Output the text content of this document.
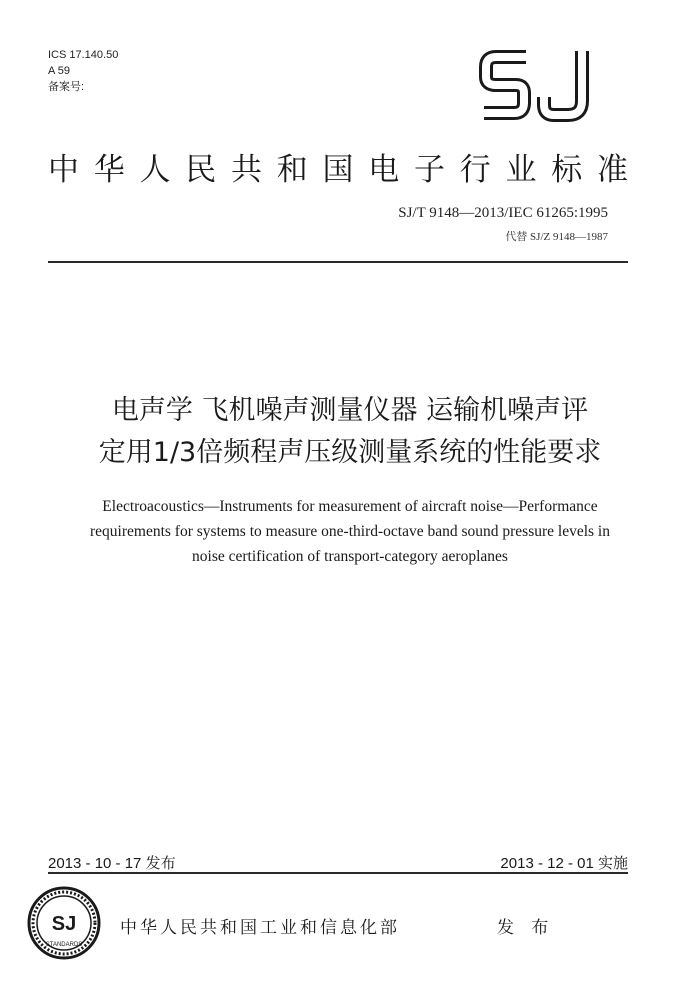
ICS 17.140.50
A 59
备案号:
中 华 人 民 共 和 国 电 子 行 业 标 准
SJ/T 9148—2013/IEC 61265:1995
代替 SJ/Z 9148—1987
电声学 飞机噪声测量仪器 运输机噪声评
定用1/3倍频程声压级测量系统的性能要求
Electroacoustics—Instruments for measurement of aircraft noise—Performance
requirements for systems to measure one-third-octave band sound pressure levels in
noise certification of transport-category aeroplanes
2013 - 10 - 17 发布	2013 - 12 - 01 实施
SJ
STANDARDS
中华人民共和国工业和信息化部	发 布
